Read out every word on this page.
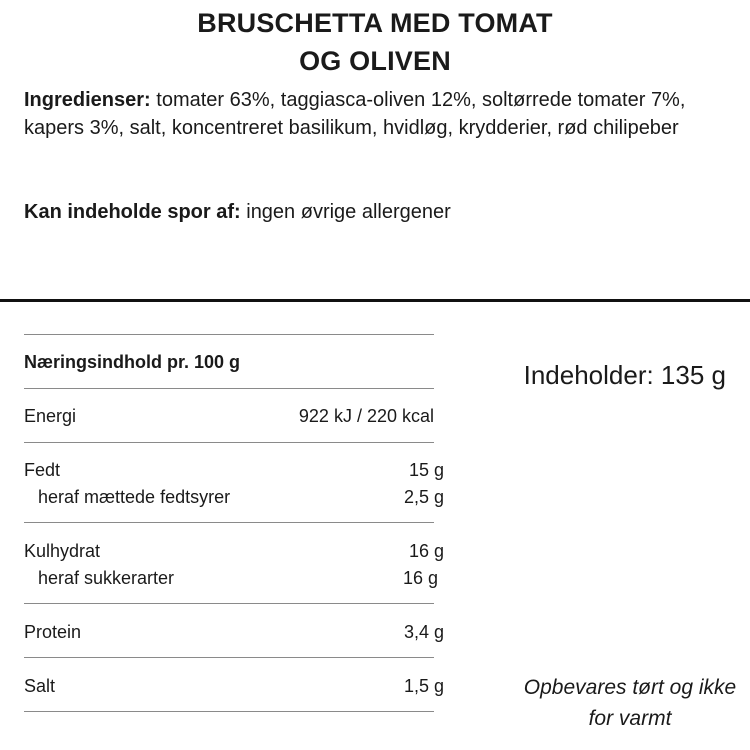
BRUSCHETTA MED TOMAT
OG OLIVEN
Ingredienser: tomater 63%, taggiasca-oliven 12%, soltørrede tomater 7%, kapers 3%, salt, koncentreret basilikum, hvidløg, krydderier, rød chilipeber
Kan indeholde spor af: ingen øvrige allergener
Næringsindhold pr. 100 g
Energi	922 kJ / 220 kcal
Fedt	15 g
heraf mættede fedtsyrer	2,5 g
Kulhydrat	16 g
heraf sukkerarter	16 g
Protein	3,4 g
Salt	1,5 g
Indeholder: 135 g
Opbevares tørt og ikke
for varmt
